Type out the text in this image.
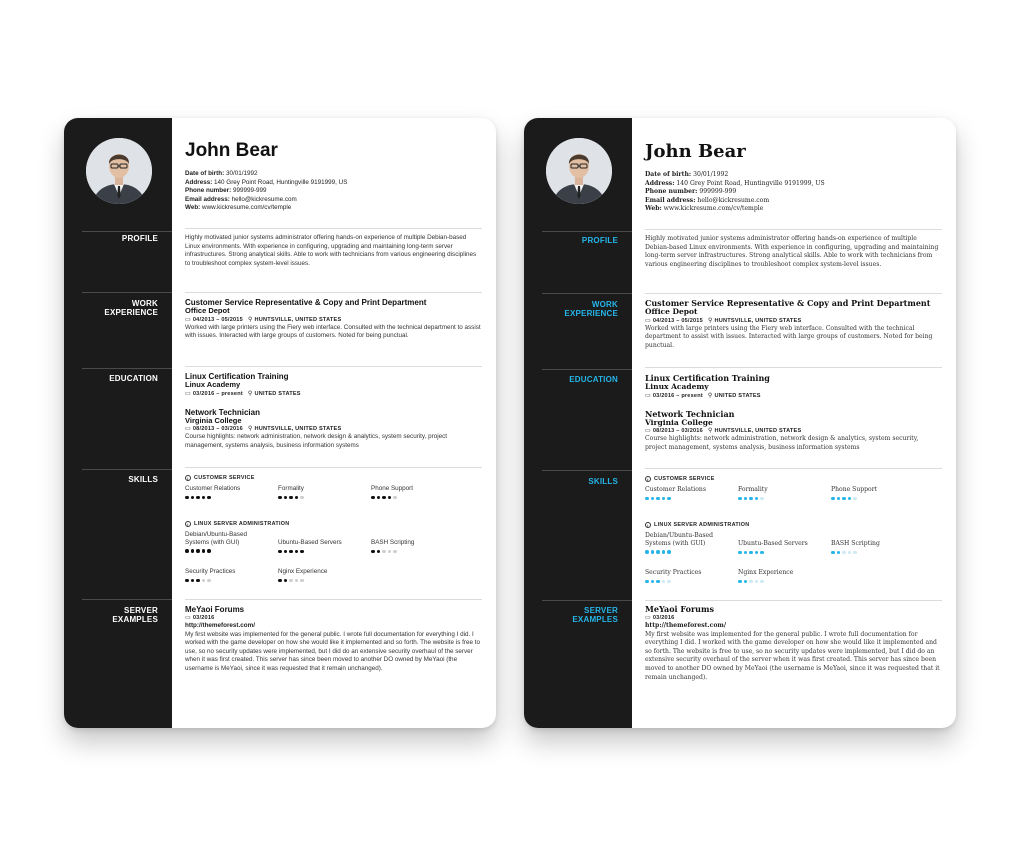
PROFILE
WORK
EXPERIENCE
EDUCATION
SKILLS
SERVER
EXAMPLES
John Bear
Date of birth: 30/01/1992
Address: 140 Grey Point Road, Huntingville 9191999, US
Phone number: 999999-999
Email address: hello@kickresume.com
Web: www.kickresume.com/cv/temple
Highly motivated junior systems administrator offering hands-on experience of multiple Debian-based Linux environments. With experience in configuring, upgrading and maintaining long-term server infrastructures. Strong analytical skills. Able to work with technicians from various engineering disciplines to troubleshoot complex system-level issues.
Customer Service Representative & Copy and Print Department
Office Depot
▭ 04/2013 – 05/2015 ⚲ HUNTSVILLE, UNITED STATES
Worked with large printers using the Fiery web interface. Consulted with the technical department to assist with issues. Interacted with large groups of customers. Noted for being punctual.
Linux Certification Training
Linux Academy
▭ 03/2016 – present ⚲ UNITED STATES
Network Technician
Virginia College
▭ 08/2013 – 03/2016 ⚲ HUNTSVILLE, UNITED STATES
Course highlights: network administration, network design & analytics, system security, project management, systems analysis, business information systems
i CUSTOMER SERVICE
Customer Relations	Formality	Phone Support
i LINUX SERVER ADMINISTRATION
Debian/Ubuntu-Based Systems (with GUI)	Ubuntu-Based Servers	BASH Scripting
Security Practices	Nginx Experience
MeYaoi Forums
▭ 03/2016
http://themeforest.com/
My first website was implemented for the general public. I wrote full documentation for everything I did. I worked with the game developer on how she would like it implemented and so forth. The website is free to use, so no security updates were implemented, but I did do an extensive security overhaul of the server when it was first created. This server has since been moved to another DO owned by MeYaoi (the username is MeYaoi, since it was requested that it remain unchanged).
PROFILE
WORK
EXPERIENCE
EDUCATION
SKILLS
SERVER
EXAMPLES
John Bear
Date of birth: 30/01/1992
Address: 140 Grey Point Road, Huntingville 9191999, US
Phone number: 999999-999
Email address: hello@kickresume.com
Web: www.kickresume.com/cv/temple
Highly motivated junior systems administrator offering hands-on experience of multiple Debian-based Linux environments. With experience in configuring, upgrading and maintaining long-term server infrastructures. Strong analytical skills. Able to work with technicians from various engineering disciplines to troubleshoot complex system-level issues.
Customer Service Representative & Copy and Print Department
Office Depot
▭ 04/2013 – 05/2015 ⚲ HUNTSVILLE, UNITED STATES
Worked with large printers using the Fiery web interface. Consulted with the technical department to assist with issues. Interacted with large groups of customers. Noted for being punctual.
Linux Certification Training
Linux Academy
▭ 03/2016 – present ⚲ UNITED STATES
Network Technician
Virginia College
▭ 08/2013 – 03/2016 ⚲ HUNTSVILLE, UNITED STATES
Course highlights: network administration, network design & analytics, system security, project management, systems analysis, business information systems
i CUSTOMER SERVICE
Customer Relations	Formality	Phone Support
i LINUX SERVER ADMINISTRATION
Debian/Ubuntu-Based Systems (with GUI)	Ubuntu-Based Servers	BASH Scripting
Security Practices	Nginx Experience
MeYaoi Forums
▭ 03/2016
http://themeforest.com/
My first website was implemented for the general public. I wrote full documentation for everything I did. I worked with the game developer on how she would like it implemented and so forth. The website is free to use, so no security updates were implemented, but I did do an extensive security overhaul of the server when it was first created. This server has since been moved to another DO owned by MeYaoi (the username is MeYaoi, since it was requested that it remain unchanged).
